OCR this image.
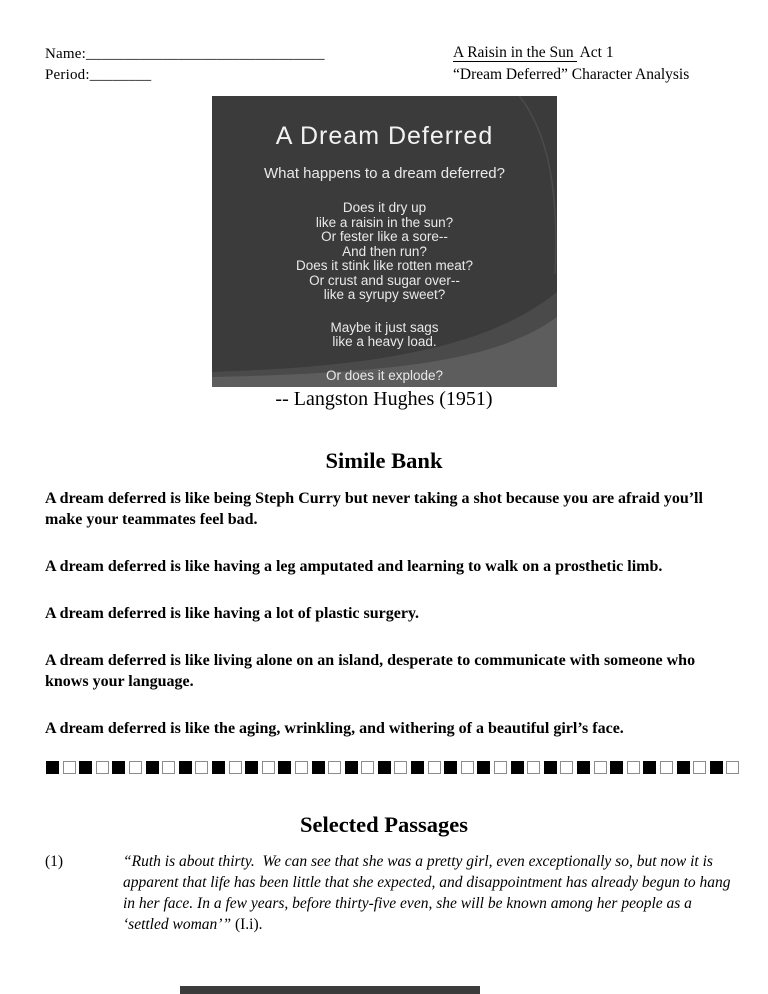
Name:_______________________________
Period:________
A Raisin in the Sun Act 1
“Dream Deferred” Character Analysis
A Dream Deferred
What happens to a dream deferred?
Does it dry up
like a raisin in the sun?
Or fester like a sore--
And then run?
Does it stink like rotten meat?
Or crust and sugar over--
like a syrupy sweet?
Maybe it just sags
like a heavy load.
Or does it explode?
-- Langston Hughes (1951)
Simile Bank

A dream deferred is like being Steph Curry but never taking a shot because you are afraid you’ll make your teammates feel bad.

A dream deferred is like having a leg amputated and learning to walk on a prosthetic limb.

A dream deferred is like having a lot of plastic surgery.

A dream deferred is like living alone on an island, desperate to communicate with someone who knows your language.

A dream deferred is like the aging, wrinkling, and withering of a beautiful girl’s face.

Selected Passages
(1)	“Ruth is about thirty.  We can see that she was a pretty girl, even exceptionally so, but now it is apparent that life has been little that she expected, and disappointment has already begun to hang in her face. In a few years, before thirty-five even, she will be known among her people as a ‘settled woman’” (I.i).
